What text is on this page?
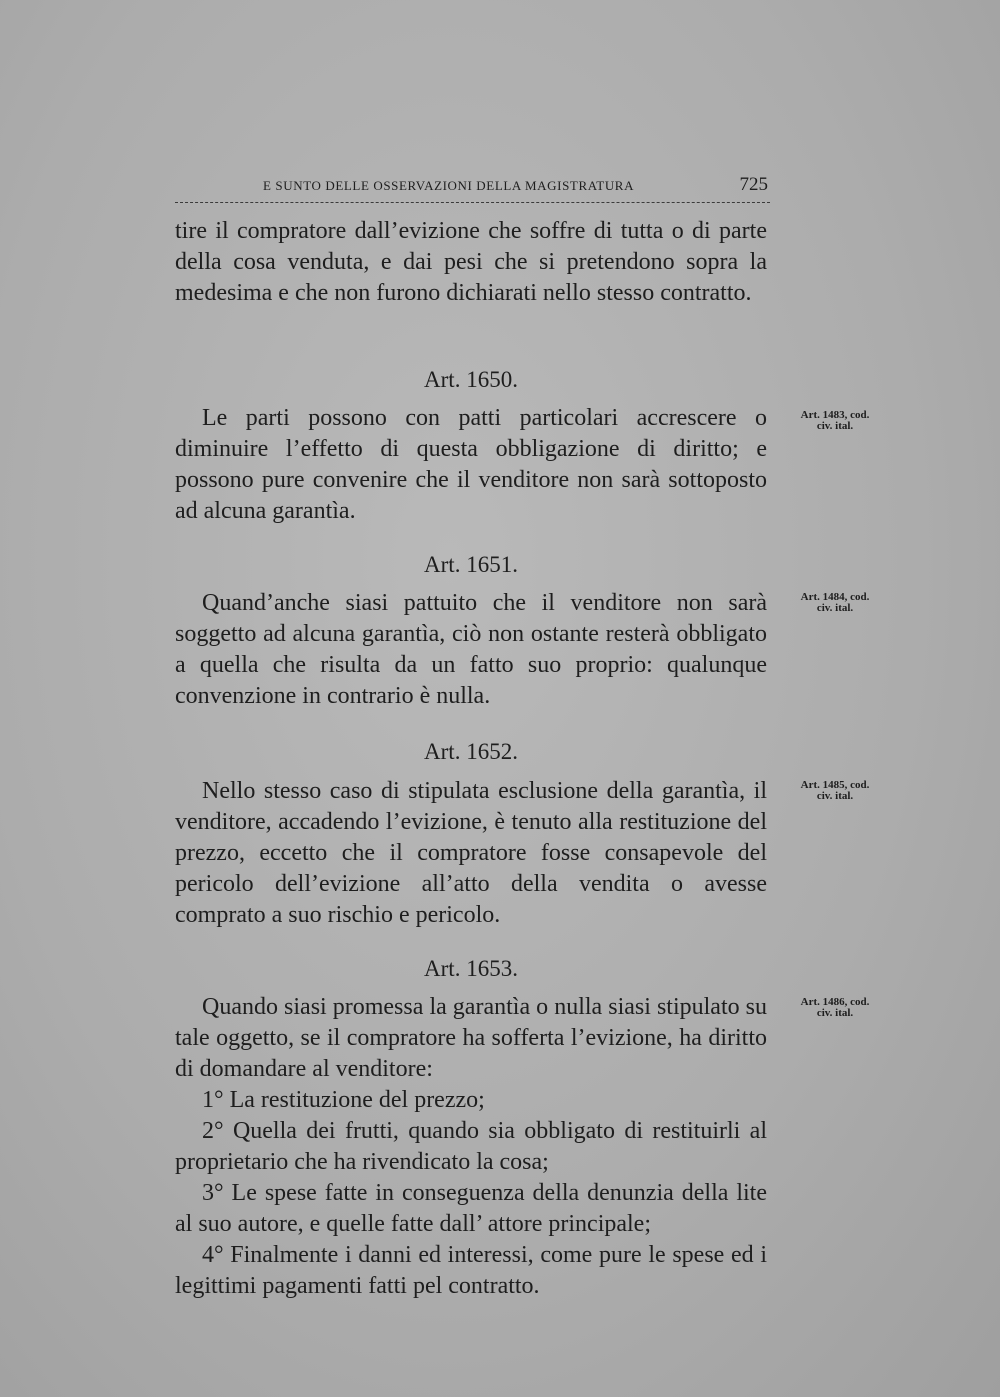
E SUNTO DELLE OSSERVAZIONI DELLA MAGISTRATURA	725

tire il compratore dall’evizione che soffre di tutta o di parte della cosa venduta, e dai pesi che si pretendono sopra la medesima e che non furono dichiarati nello stesso contratto.

Art. 1650.

Le parti possono con patti particolari accrescere o diminuire l’effetto di questa obbligazione di diritto; e possono pure convenire che il venditore non sarà sottoposto ad alcuna garantìa.

Art. 1483, cod.
civ. ital.
Art. 1651.

Quand’anche siasi pattuito che il venditore non sarà soggetto ad alcuna garantìa, ciò non ostante resterà obbligato a quella che risulta da un fatto suo proprio: qualunque convenzione in contrario è nulla.

Art. 1484, cod.
civ. ital.
Art. 1652.

Nello stesso caso di stipulata esclusione della garantìa, il venditore, accadendo l’evizione, è tenuto alla restituzione del prezzo, eccetto che il compratore fosse consapevole del pericolo dell’evizione all’atto della vendita o avesse comprato a suo rischio e pericolo.

Art. 1485, cod.
civ. ital.
Art. 1653.

Quando siasi promessa la garantìa o nulla siasi stipulato su tale oggetto, se il compratore ha sofferta l’evizione, ha diritto di domandare al venditore:

1° La restituzione del prezzo;

2° Quella dei frutti, quando sia obbligato di restituirli al proprietario che ha rivendicato la cosa;

3° Le spese fatte in conseguenza della denunzia della lite al suo autore, e quelle fatte dall’ attore principale;

4° Finalmente i danni ed interessi, come pure le spese ed i legittimi pagamenti fatti pel contratto.

Art. 1486, cod.
civ. ital.
